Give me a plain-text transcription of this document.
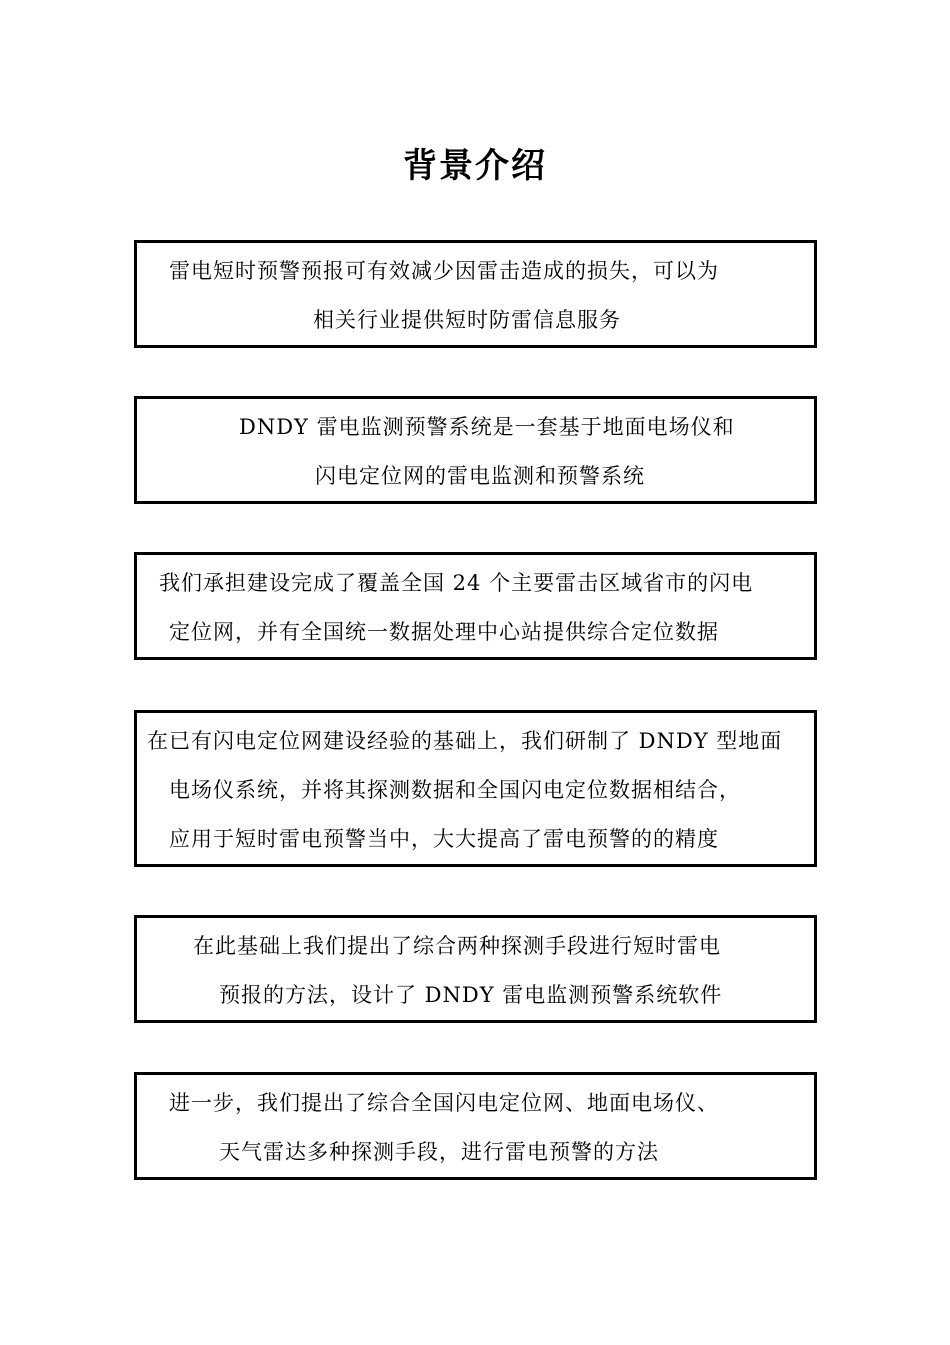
背景介绍

雷电短时预警预报可有效减少因雷击造成的损失，可以为

相关行业提供短时防雷信息服务

DNDY 雷电监测预警系统是一套基于地面电场仪和

闪电定位网的雷电监测和预警系统

我们承担建设完成了覆盖全国 24 个主要雷击区域省市的闪电

定位网，并有全国统一数据处理中心站提供综合定位数据

在已有闪电定位网建设经验的基础上，我们研制了 DNDY 型地面

电场仪系统，并将其探测数据和全国闪电定位数据相结合，

应用于短时雷电预警当中，大大提高了雷电预警的的精度

在此基础上我们提出了综合两种探测手段进行短时雷电

预报的方法，设计了 DNDY 雷电监测预警系统软件

进一步，我们提出了综合全国闪电定位网、地面电场仪、

天气雷达多种探测手段，进行雷电预警的方法
